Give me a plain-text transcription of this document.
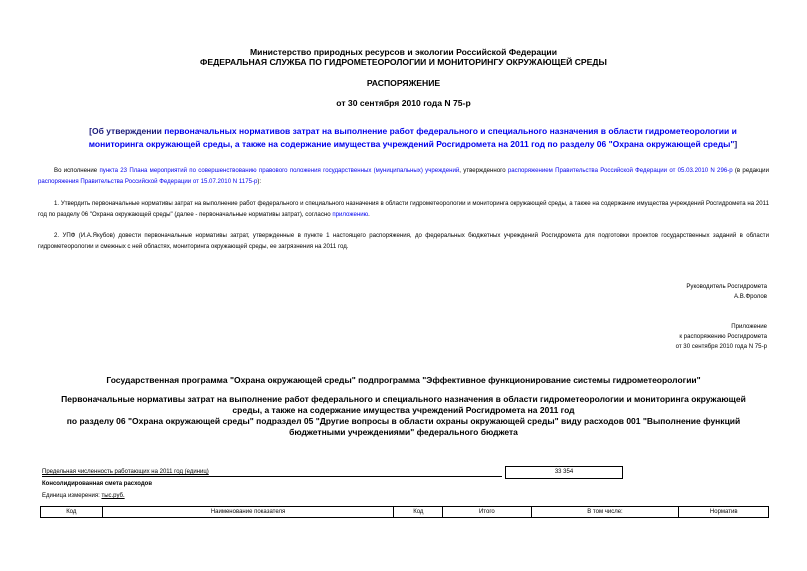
Министерство природных ресурсов и экологии Российской Федерации
ФЕДЕРАЛЬНАЯ СЛУЖБА ПО ГИДРОМЕТЕОРОЛОГИИ И МОНИТОРИНГУ ОКРУЖАЮЩЕЙ СРЕДЫ
РАСПОРЯЖЕНИЕ
от 30 сентября 2010 года N 75-р
[Об утверждении первоначальных нормативов затрат на выполнение работ федерального и специального назначения в области гидрометеорологии и мониторинга окружающей среды, а также на содержание имущества учреждений Росгидромета на 2011 год по разделу 06 "Охрана окружающей среды"]
Во исполнение пункта 23 Плана мероприятий по совершенствованию правового положения государственных (муниципальных) учреждений, утвержденного распоряжением Правительства Российской Федерации от 05.03.2010 N 296-р (в редакции распоряжения Правительства Российской Федерации от 15.07.2010 N 1175-р):
1. Утвердить первоначальные нормативы затрат на выполнение работ федерального и специального назначения в области гидрометеорологии и мониторинга окружающей среды, а также на содержание имущества учреждений Росгидромета на 2011 год по разделу 06 "Охрана окружающей среды" (далее - первоначальные нормативы затрат), согласно приложению.
2. УПФ (И.А.Якубов) довести первоначальные нормативы затрат, утвержденные в пункте 1 настоящего распоряжения, до федеральных бюджетных учреждений Росгидромета для подготовки проектов государственных заданий в области гидрометеорологии и смежных с ней областях, мониторинга окружающей среды, ее загрязнения на 2011 год.
Руководитель Росгидромета
А.В.Фролов
Приложение
к распоряжению Росгидромета
от 30 сентября 2010 года N 75-р
Государственная программа "Охрана окружающей среды" подпрограмма "Эффективное функционирование системы гидрометеорологии"
Первоначальные нормативы затрат на выполнение работ федерального и специального назначения в области гидрометеорологии и мониторинга окружающей
среды, а также на содержание имущества учреждений Росгидромета на 2011 год
по разделу 06 "Охрана окружающей среды" подраздел 05 "Другие вопросы в области охраны окружающей среды" виду расходов 001 "Выполнение функций
бюджетными учреждениями" федерального бюджета
Предельная численность работающих на 2011 год (единиц)	33 354
Консолидированная смета расходов
Единица измерения: тыс.руб.
Код	Наименование показателя	Код	Итого	В том числе:	Норматив
